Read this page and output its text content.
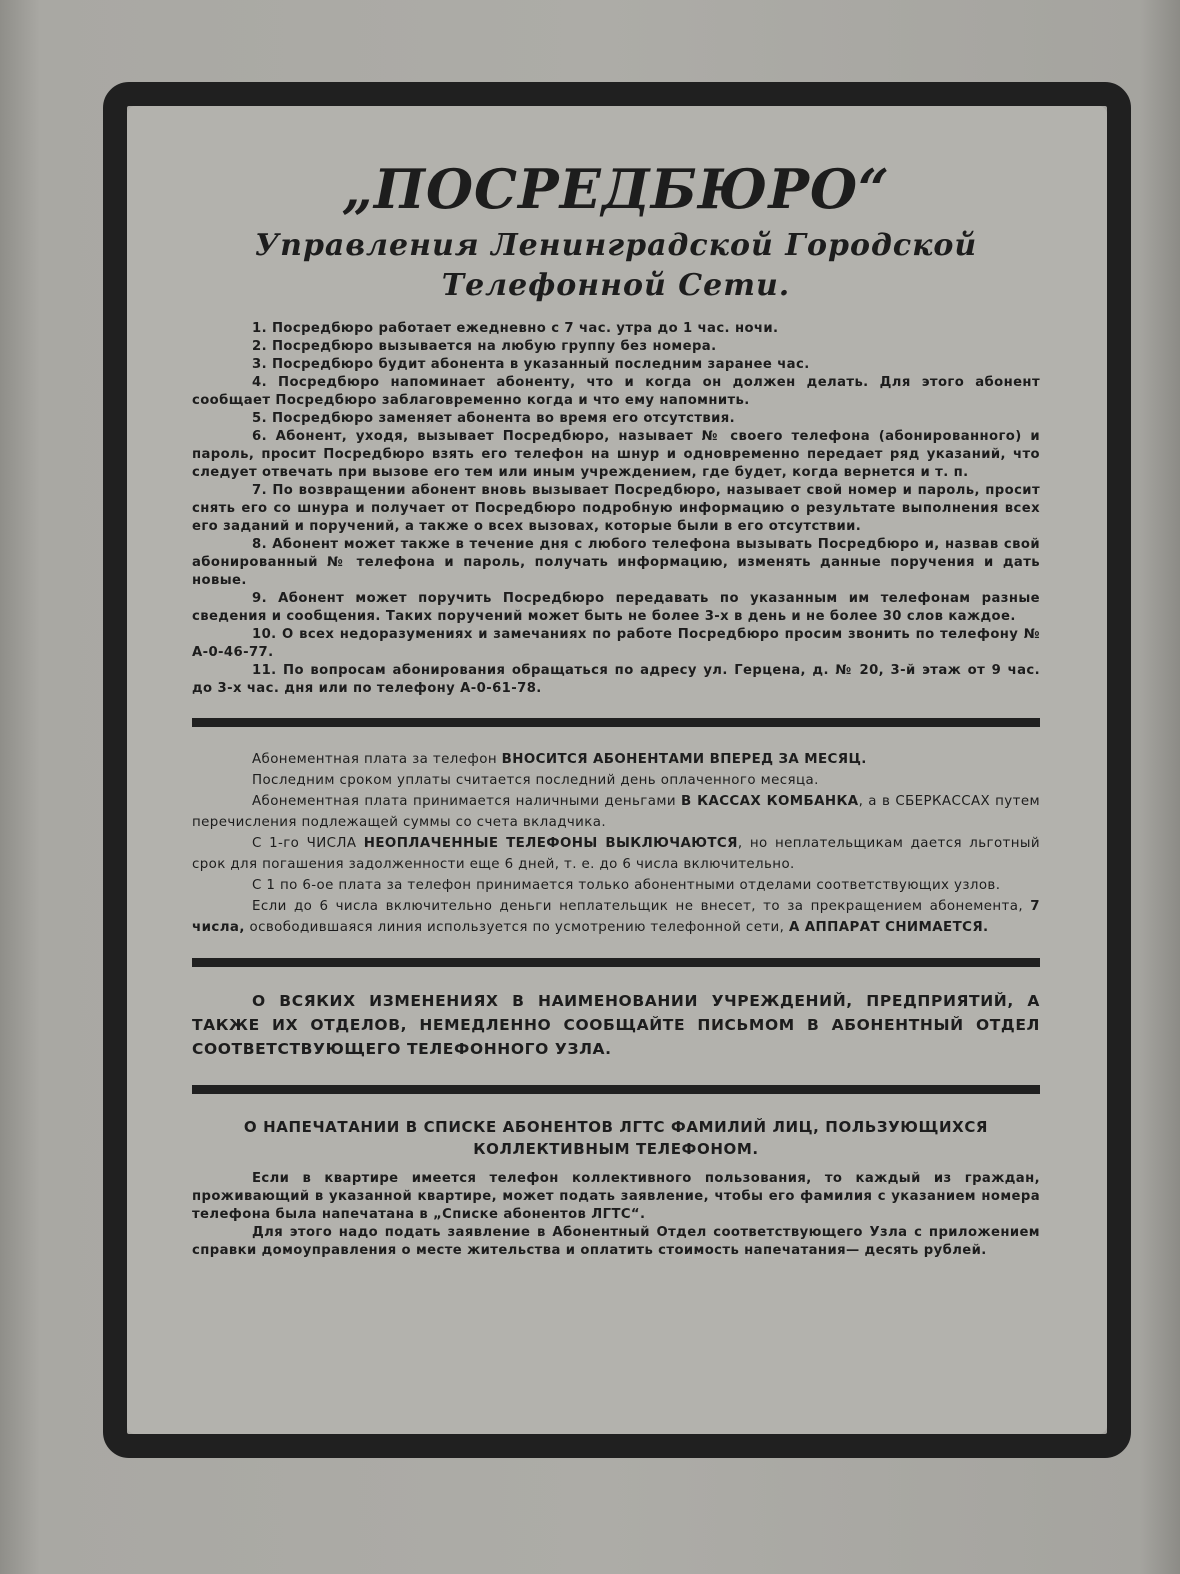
„ПОСРЕДБЮРО“
Управления Ленинградской Городской
Телефонной Сети.

1. Посредбюро работает ежедневно с 7 час. утра до 1 час. ночи.

2. Посредбюро вызывается на любую группу без номера.

3. Посредбюро будит абонента в указанный последним заранее час.

4. Посредбюро напоминает абоненту, что и когда он должен делать. Для этого абонент сообщает Посредбюро заблаговременно когда и что ему напомнить.

5. Посредбюро заменяет абонента во время его отсутствия.

6. Абонент, уходя, вызывает Посредбюро, называет № своего телефона (абонированного) и пароль, просит Посредбюро взять его телефон на шнур и одновременно передает ряд указаний, что следует отвечать при вызове его тем или иным учреждением, где будет, когда вернется и т. п.

7. По возвращении абонент вновь вызывает Посредбюро, называет свой номер и пароль, просит снять его со шнура и получает от Посредбюро подробную информацию о результате выполнения всех его заданий и поручений, а также о всех вызовах, которые были в его отсутствии.

8. Абонент может также в течение дня с любого телефона вызывать Посредбюро и, назвав свой абонированный № телефона и пароль, получать информацию, изменять данные поручения и дать новые.

9. Абонент может поручить Посредбюро передавать по указанным им телефонам разные сведения и сообщения. Таких поручений может быть не более 3-х в день и не более 30 слов каждое.

10. О всех недоразумениях и замечаниях по работе Посредбюро просим звонить по телефону № А-0-46-77.

11. По вопросам абонирования обращаться по адресу ул. Герцена, д. № 20, 3-й этаж от 9 час. до 3-х час. дня или по телефону А-0-61-78.

Абонементная плата за телефон ВНОСИТСЯ АБОНЕНТАМИ ВПЕРЕД ЗА МЕСЯЦ.

Последним сроком уплаты считается последний день оплаченного месяца.

Абонементная плата принимается наличными деньгами В КАССАХ КОМБАНКА, а в СБЕРКАССАХ путем перечисления подлежащей суммы со счета вкладчика.

С 1-го ЧИСЛА НЕОПЛАЧЕННЫЕ ТЕЛЕФОНЫ ВЫКЛЮЧАЮТСЯ, но неплательщикам дается льготный срок для погашения задолженности еще 6 дней, т. е. до 6 числа включительно.

С 1 по 6-ое плата за телефон принимается только абонентными отделами соответствующих узлов.

Если до 6 числа включительно деньги неплательщик не внесет, то за прекращением абонемента, 7 числа, освободившаяся линия используется по усмотрению телефонной сети, А АППАРАТ СНИМАЕТСЯ.

О ВСЯКИХ ИЗМЕНЕНИЯХ В НАИМЕНОВАНИИ УЧРЕЖДЕНИЙ, ПРЕДПРИЯТИЙ, А ТАКЖЕ ИХ ОТДЕЛОВ, НЕМЕДЛЕННО СООБЩАЙТЕ ПИСЬМОМ В АБОНЕНТНЫЙ ОТДЕЛ СООТВЕТСТВУЮЩЕГО ТЕЛЕФОННОГО УЗЛА.
О НАПЕЧАТАНИИ В СПИСКЕ АБОНЕНТОВ ЛГТС ФАМИЛИЙ ЛИЦ, ПОЛЬЗУЮЩИХСЯ
КОЛЛЕКТИВНЫМ ТЕЛЕФОНОМ.

Если в квартире имеется телефон коллективного пользования, то каждый из граждан, проживающий в указанной квартире, может подать заявление, чтобы его фамилия с указанием номера телефона была напечатана в „Списке абонентов ЛГТС“.

Для этого надо подать заявление в Абонентный Отдел соответствующего Узла с приложением справки домоуправления о месте жительства и оплатить стоимость напечатания— десять рублей.
